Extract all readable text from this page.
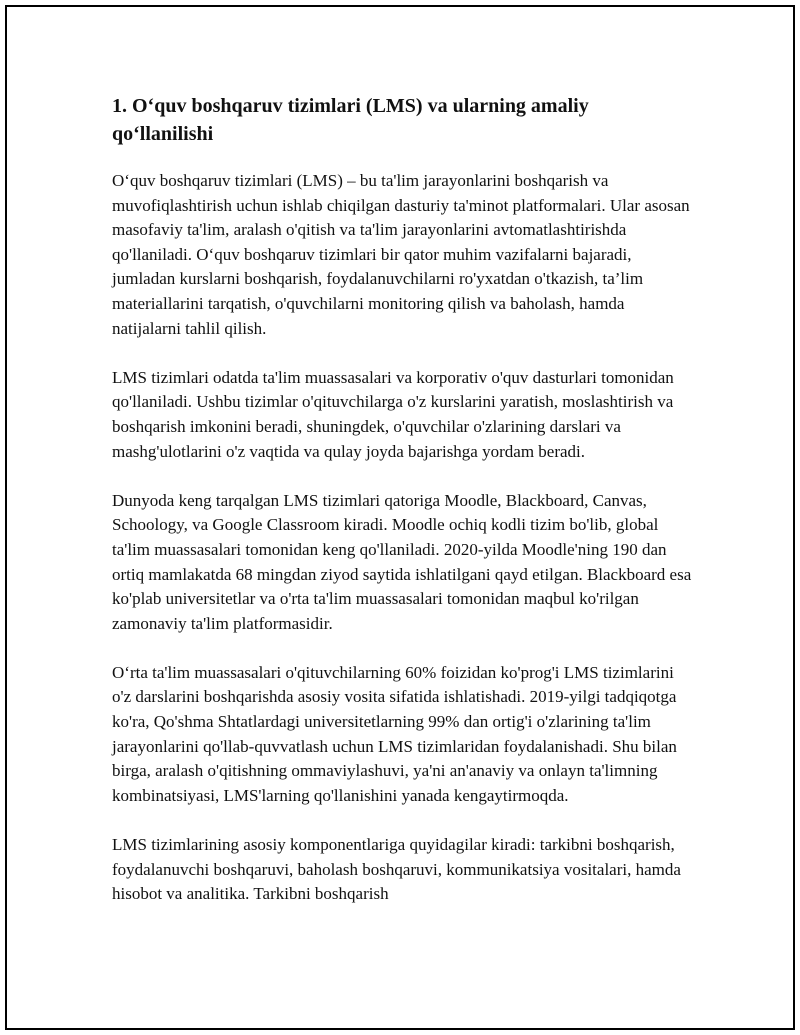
1. O‘quv boshqaruv tizimlari (LMS) va ularning amaliy qo‘llanilishi

O‘quv boshqaruv tizimlari (LMS) – bu ta'lim jarayonlarini boshqarish va muvofiqlashtirish uchun ishlab chiqilgan dasturiy ta'minot platformalari. Ular asosan masofaviy ta'lim, aralash o'qitish va ta'lim jarayonlarini avtomatlashtirishda qo'llaniladi. O‘quv boshqaruv tizimlari bir qator muhim vazifalarni bajaradi, jumladan kurslarni boshqarish, foydalanuvchilarni ro'yxatdan o'tkazish, ta’lim materiallarini tarqatish, o'quvchilarni monitoring qilish va baholash, hamda natijalarni tahlil qilish.

LMS tizimlari odatda ta'lim muassasalari va korporativ o'quv dasturlari tomonidan qo'llaniladi. Ushbu tizimlar o'qituvchilarga o'z kurslarini yaratish, moslashtirish va boshqarish imkonini beradi, shuningdek, o'quvchilar o'zlarining darslari va mashg'ulotlarini o'z vaqtida va qulay joyda bajarishga yordam beradi.

Dunyoda keng tarqalgan LMS tizimlari qatoriga Moodle, Blackboard, Canvas, Schoology, va Google Classroom kiradi. Moodle ochiq kodli tizim bo'lib, global ta'lim muassasalari tomonidan keng qo'llaniladi. 2020-yilda Moodle'ning 190 dan ortiq mamlakatda 68 mingdan ziyod saytida ishlatilgani qayd etilgan. Blackboard esa ko'plab universitetlar va o'rta ta'lim muassasalari tomonidan maqbul ko'rilgan zamonaviy ta'lim platformasidir.

O‘rta ta'lim muassasalari o'qituvchilarning 60% foizidan ko'prog'i LMS tizimlarini o'z darslarini boshqarishda asosiy vosita sifatida ishlatishadi. 2019-yilgi tadqiqotga ko'ra, Qo'shma Shtatlardagi universitetlarning 99% dan ortig'i o'zlarining ta'lim jarayonlarini qo'llab-quvvatlash uchun LMS tizimlaridan foydalanishadi. Shu bilan birga, aralash o'qitishning ommaviylashuvi, ya'ni an'anaviy va onlayn ta'limning kombinatsiyasi, LMS'larning qo'llanishini yanada kengaytirmoqda.

LMS tizimlarining asosiy komponentlariga quyidagilar kiradi: tarkibni boshqarish, foydalanuvchi boshqaruvi, baholash boshqaruvi, kommunikatsiya vositalari, hamda hisobot va analitika. Tarkibni boshqarish
